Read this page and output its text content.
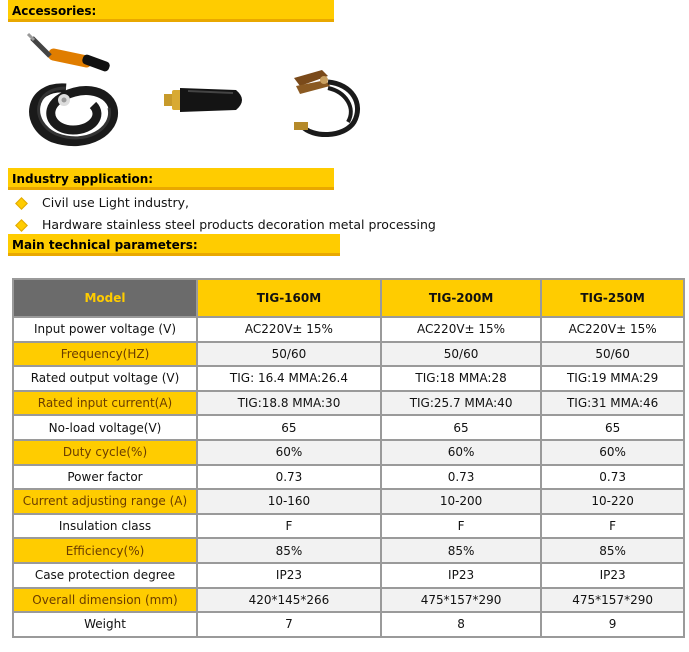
Accessories:
Industry application:
Civil use Light industry,
Hardware stainless steel products decoration metal processing
Main technical parameters:
Model	TIG-160M	TIG-200M	TIG-250M
Input power voltage (V)	AC220V± 15%	AC220V± 15%	AC220V± 15%
Frequency(HZ)	50/60	50/60	50/60
Rated output voltage (V)	TIG: 16.4 MMA:26.4	TIG:18 MMA:28	TIG:19 MMA:29
Rated input current(A)	TIG:18.8 MMA:30	TIG:25.7 MMA:40	TIG:31 MMA:46
No-load voltage(V)	65	65	65
Duty cycle(%)	60%	60%	60%
Power factor	0.73	0.73	0.73
Current adjusting range (A)	10-160	10-200	10-220
Insulation class	F	F	F
Efficiency(%)	85%	85%	85%
Case protection degree	IP23	IP23	IP23
Overall dimension (mm)	420*145*266	475*157*290	475*157*290
Weight	7	8	9
